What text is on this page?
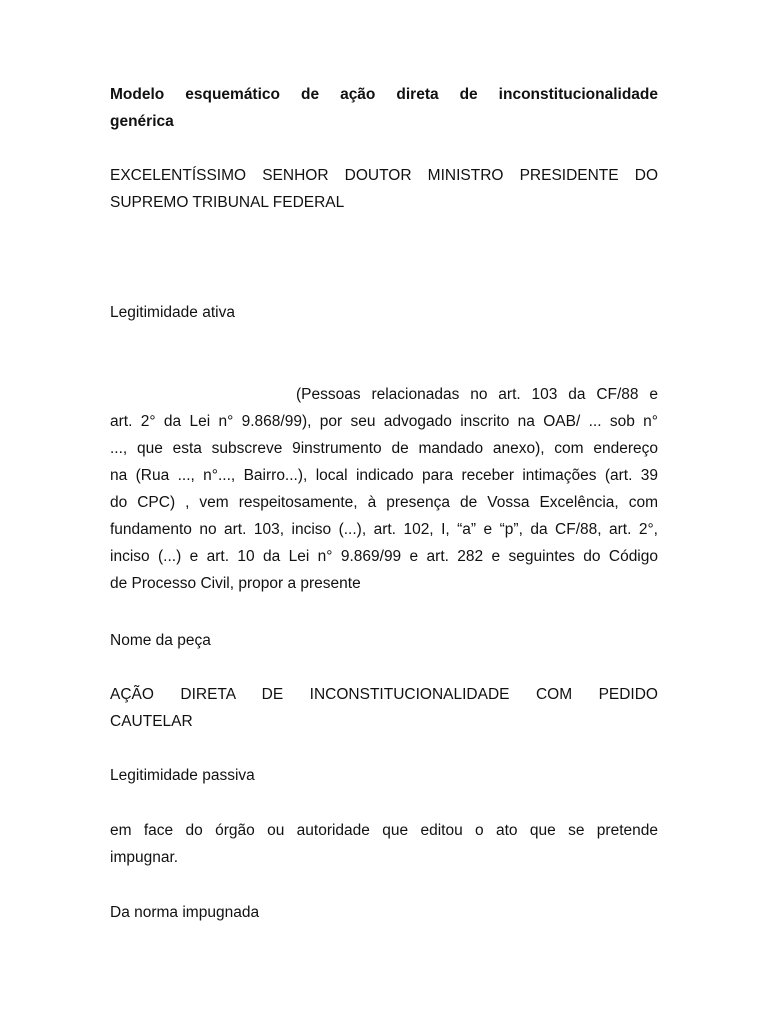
Modelo esquemático de ação direta de inconstitucionalidade
genérica
EXCELENTÍSSIMO SENHOR DOUTOR MINISTRO PRESIDENTE DO
SUPREMO TRIBUNAL FEDERAL
Legitimidade ativa
(Pessoas relacionadas no art. 103 da CF/88 e
art. 2° da Lei n° 9.868/99), por seu advogado inscrito na OAB/ ... sob n°
..., que esta subscreve 9instrumento de mandado anexo), com endereço
na (Rua ..., n°..., Bairro...), local indicado para receber intimações (art. 39
do CPC) , vem respeitosamente, à presença de Vossa Excelência, com
fundamento no art. 103, inciso (...), art. 102, I, “a” e “p”, da CF/88, art. 2°,
inciso (...) e art. 10 da Lei n° 9.869/99 e art. 282 e seguintes do Código
de Processo Civil, propor a presente
Nome da peça
AÇÃO DIRETA DE INCONSTITUCIONALIDADE COM PEDIDO
CAUTELAR
Legitimidade passiva
em face do órgão ou autoridade que editou o ato que se pretende
impugnar.
Da norma impugnada
